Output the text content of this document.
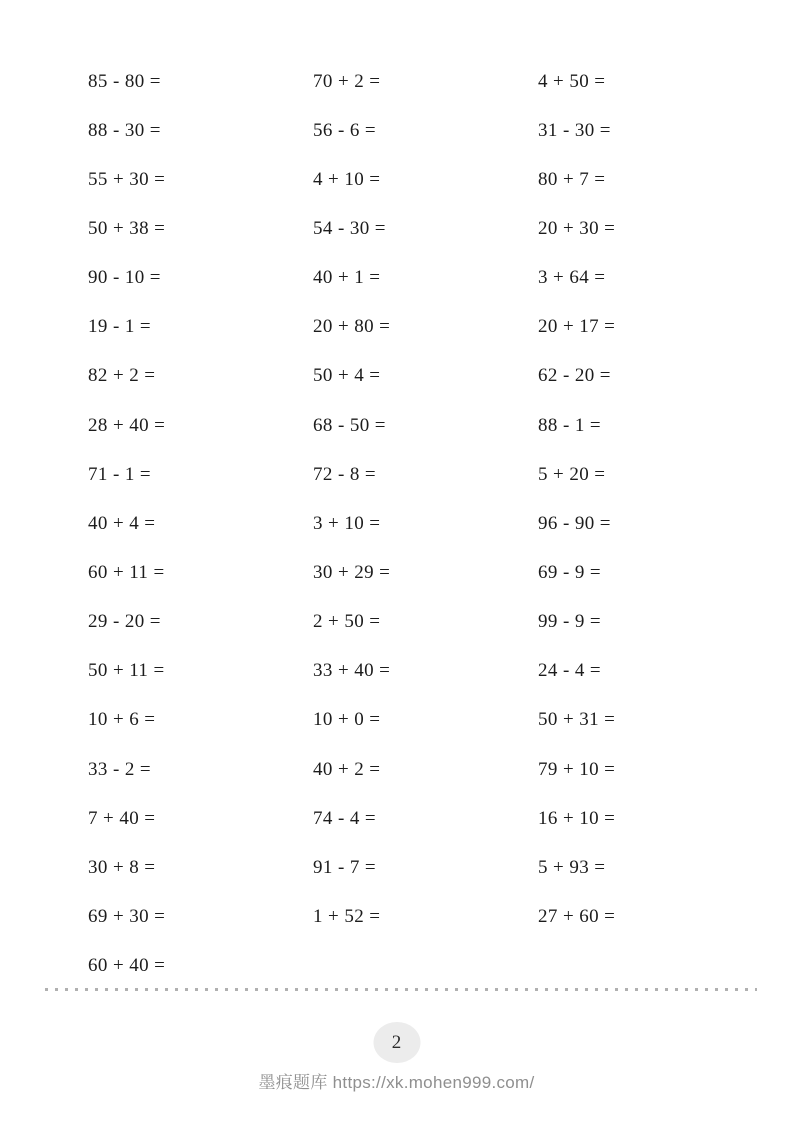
85 - 80 =	70 + 2 =	4 + 50 =
88 - 30 =	56 - 6 =	31 - 30 =
55 + 30 =	4 + 10 =	80 + 7 =
50 + 38 =	54 - 30 =	20 + 30 =
90 - 10 =	40 + 1 =	3 + 64 =
19 - 1 =	20 + 80 =	20 + 17 =
82 + 2 =	50 + 4 =	62 - 20 =
28 + 40 =	68 - 50 =	88 - 1 =
71 - 1 =	72 - 8 =	5 + 20 =
40 + 4 =	3 + 10 =	96 - 90 =
60 + 11 =	30 + 29 =	69 - 9 =
29 - 20 =	2 + 50 =	99 - 9 =
50 + 11 =	33 + 40 =	24 - 4 =
10 + 6 =	10 + 0 =	50 + 31 =
33 - 2 =	40 + 2 =	79 + 10 =
7 + 40 =	74 - 4 =	16 + 10 =
30 + 8 =	91 - 7 =	5 + 93 =
69 + 30 =	1 + 52 =	27 + 60 =
60 + 40 =
2
墨痕题库 https://xk.mohen999.com/
